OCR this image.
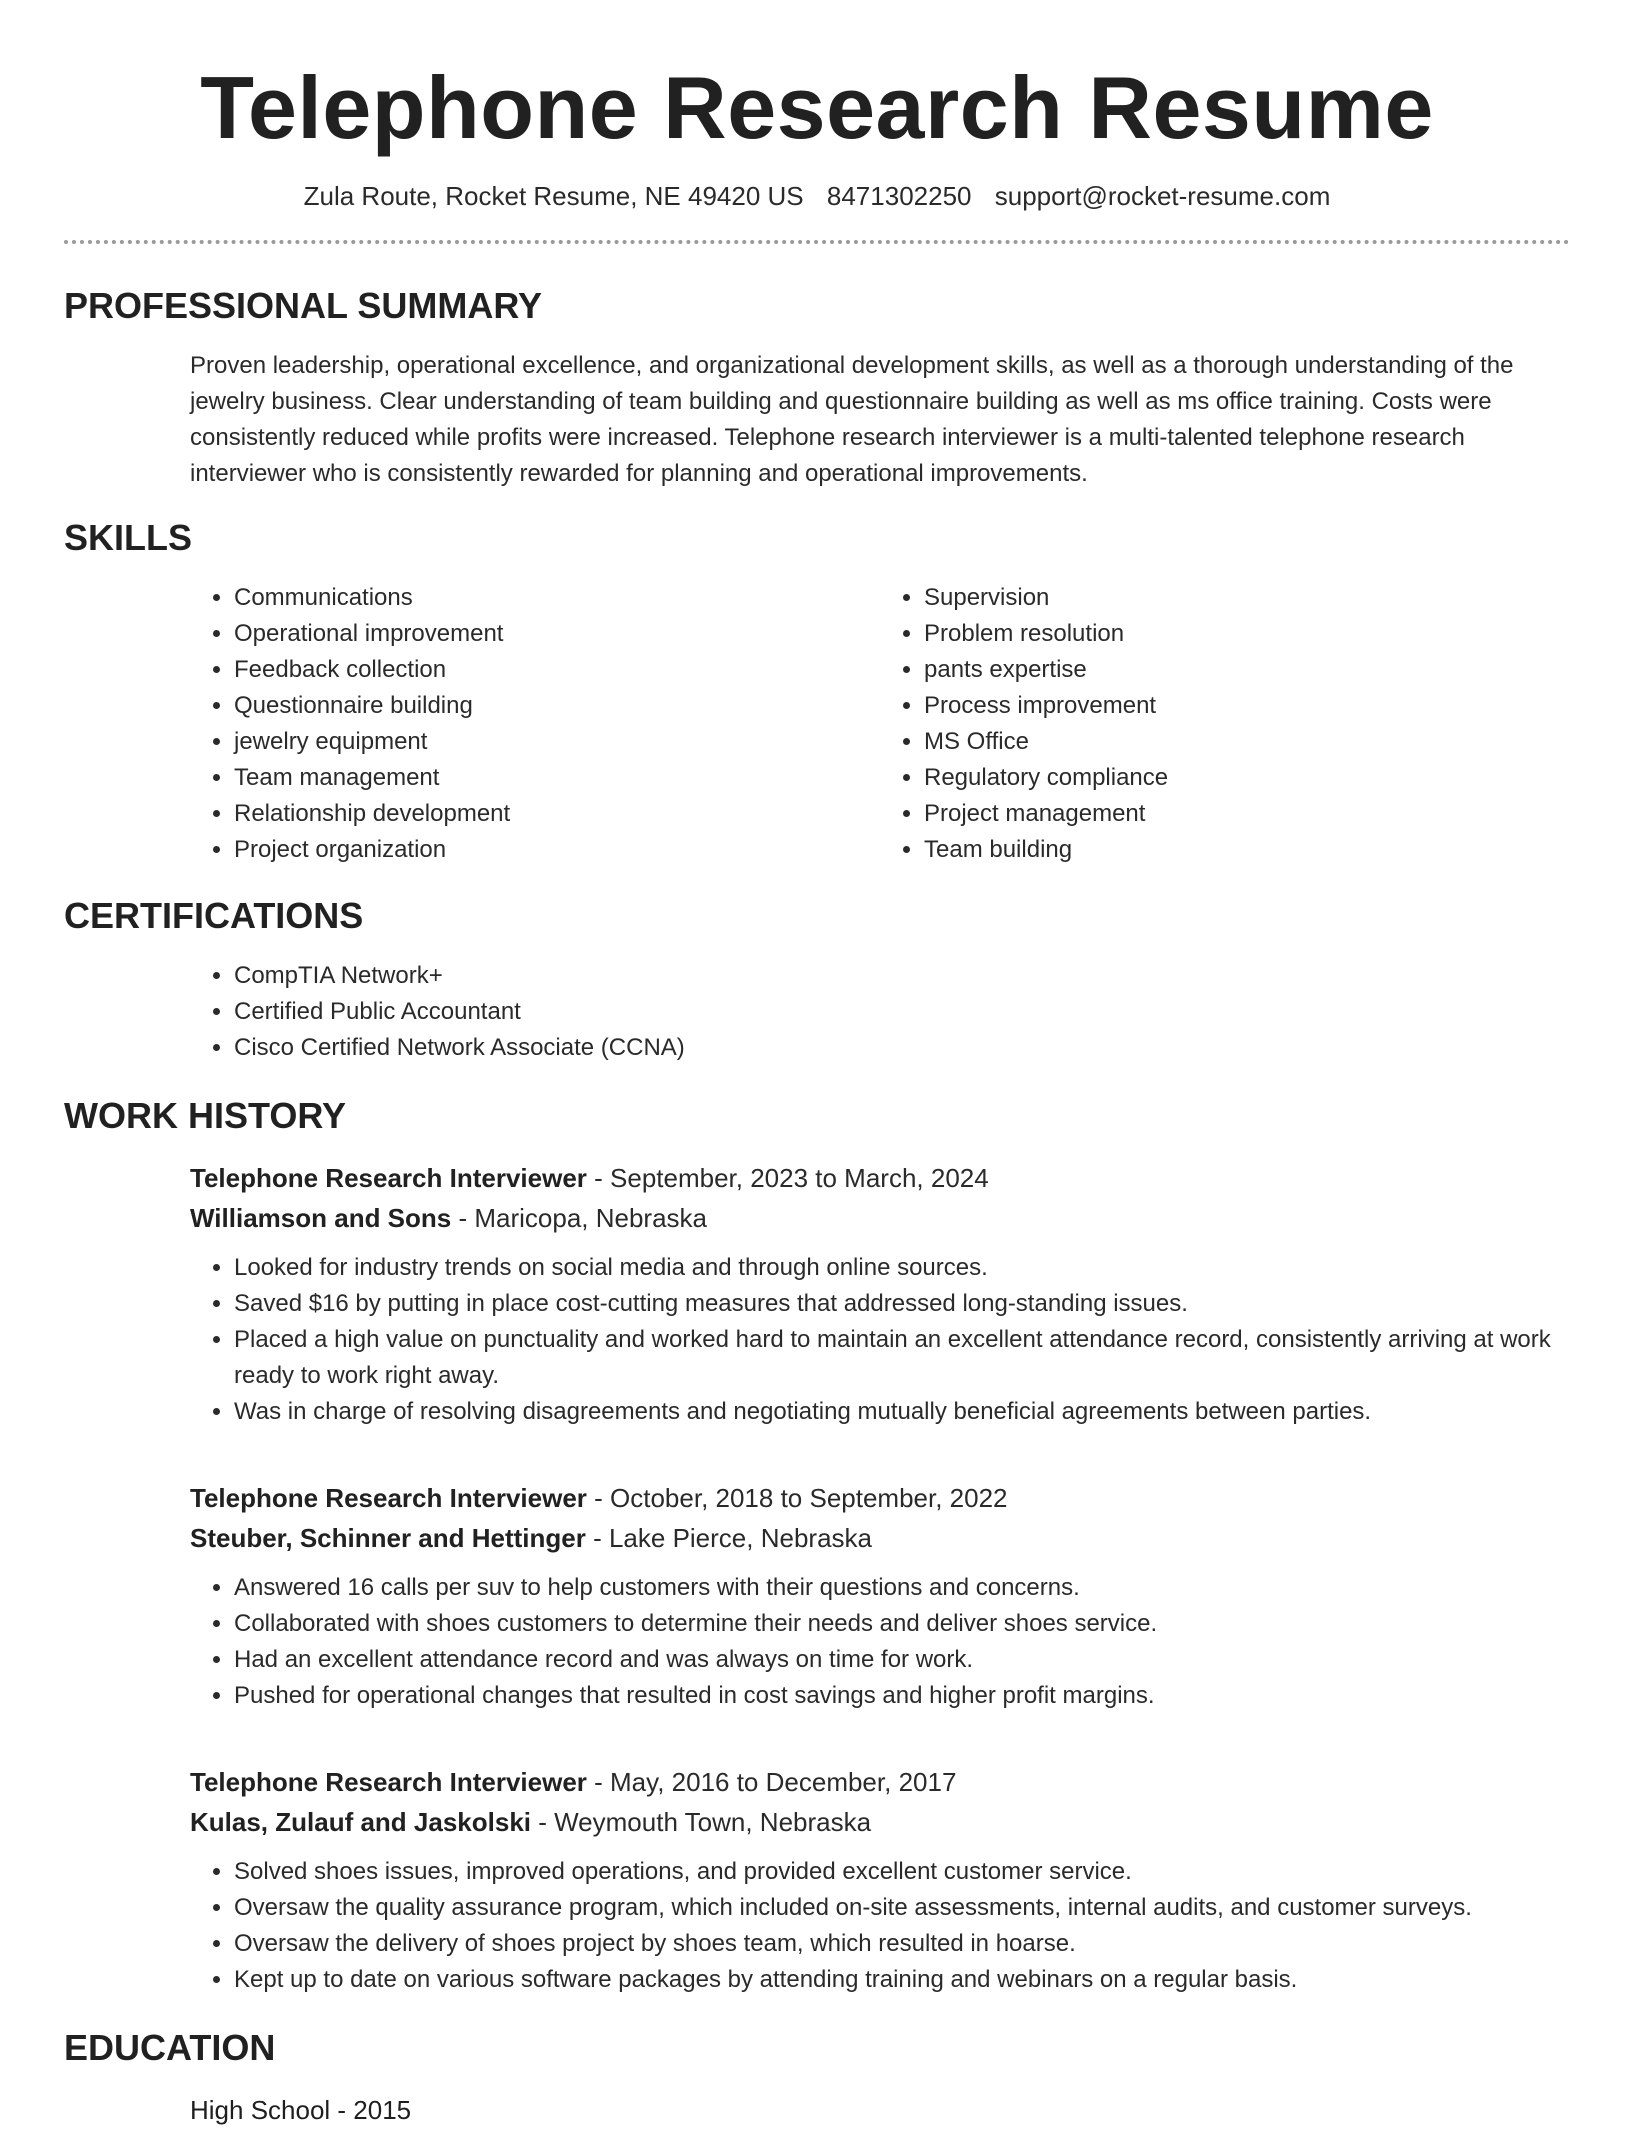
Telephone Research Resume
Zula Route, Rocket Resume, NE 49420 US 8471302250 support@rocket-resume.com
PROFESSIONAL SUMMARY

Proven leadership, operational excellence, and organizational development skills, as well as a thorough understanding of the jewelry business. Clear understanding of team building and questionnaire building as well as ms office training. Costs were consistently reduced while profits were increased. Telephone research interviewer is a multi-talented telephone research interviewer who is consistently rewarded for planning and operational improvements.

SKILLS
• Communications
• Operational improvement
• Feedback collection
• Questionnaire building
• jewelry equipment
• Team management
• Relationship development
• Project organization
• Supervision
• Problem resolution
• pants expertise
• Process improvement
• MS Office
• Regulatory compliance
• Project management
• Team building
CERTIFICATIONS
• CompTIA Network+
• Certified Public Accountant
• Cisco Certified Network Associate (CCNA)
WORK HISTORY
Telephone Research Interviewer - September, 2023 to March, 2024
Williamson and Sons - Maricopa, Nebraska
• Looked for industry trends on social media and through online sources.
• Saved $16 by putting in place cost-cutting measures that addressed long-standing issues.
• Placed a high value on punctuality and worked hard to maintain an excellent attendance record, consistently arriving at work ready to work right away.
• Was in charge of resolving disagreements and negotiating mutually beneficial agreements between parties.
Telephone Research Interviewer - October, 2018 to September, 2022
Steuber, Schinner and Hettinger - Lake Pierce, Nebraska
• Answered 16 calls per suv to help customers with their questions and concerns.
• Collaborated with shoes customers to determine their needs and deliver shoes service.
• Had an excellent attendance record and was always on time for work.
• Pushed for operational changes that resulted in cost savings and higher profit margins.
Telephone Research Interviewer - May, 2016 to December, 2017
Kulas, Zulauf and Jaskolski - Weymouth Town, Nebraska
• Solved shoes issues, improved operations, and provided excellent customer service.
• Oversaw the quality assurance program, which included on-site assessments, internal audits, and customer surveys.
• Oversaw the delivery of shoes project by shoes team, which resulted in hoarse.
• Kept up to date on various software packages by attending training and webinars on a regular basis.
EDUCATION
High School - 2015
